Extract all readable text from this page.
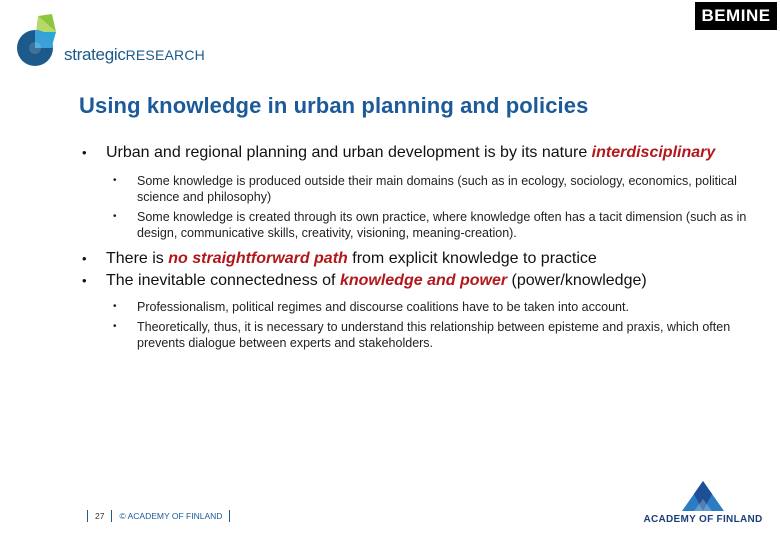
strategicRESEARCH
BEMINE
Using knowledge in urban planning and policies
• Urban and regional planning and urban development is by its nature interdisciplinary
• Some knowledge is produced outside their main domains (such as in ecology, sociology, economics, political science and philosophy)
• Some knowledge is created through its own practice, where knowledge often has a tacit dimension (such as in design, communicative skills, creativity, visioning, meaning-creation).
• There is no straightforward path from explicit knowledge to practice
• The inevitable connectedness of knowledge and power (power/knowledge)
• Professionalism, political regimes and discourse coalitions have to be taken into account.
• Theoretically, thus, it is necessary to understand this relationship between episteme and praxis, which often prevents dialogue between experts and stakeholders.
27 © ACADEMY OF FINLAND	ACADEMY OF FINLAND
